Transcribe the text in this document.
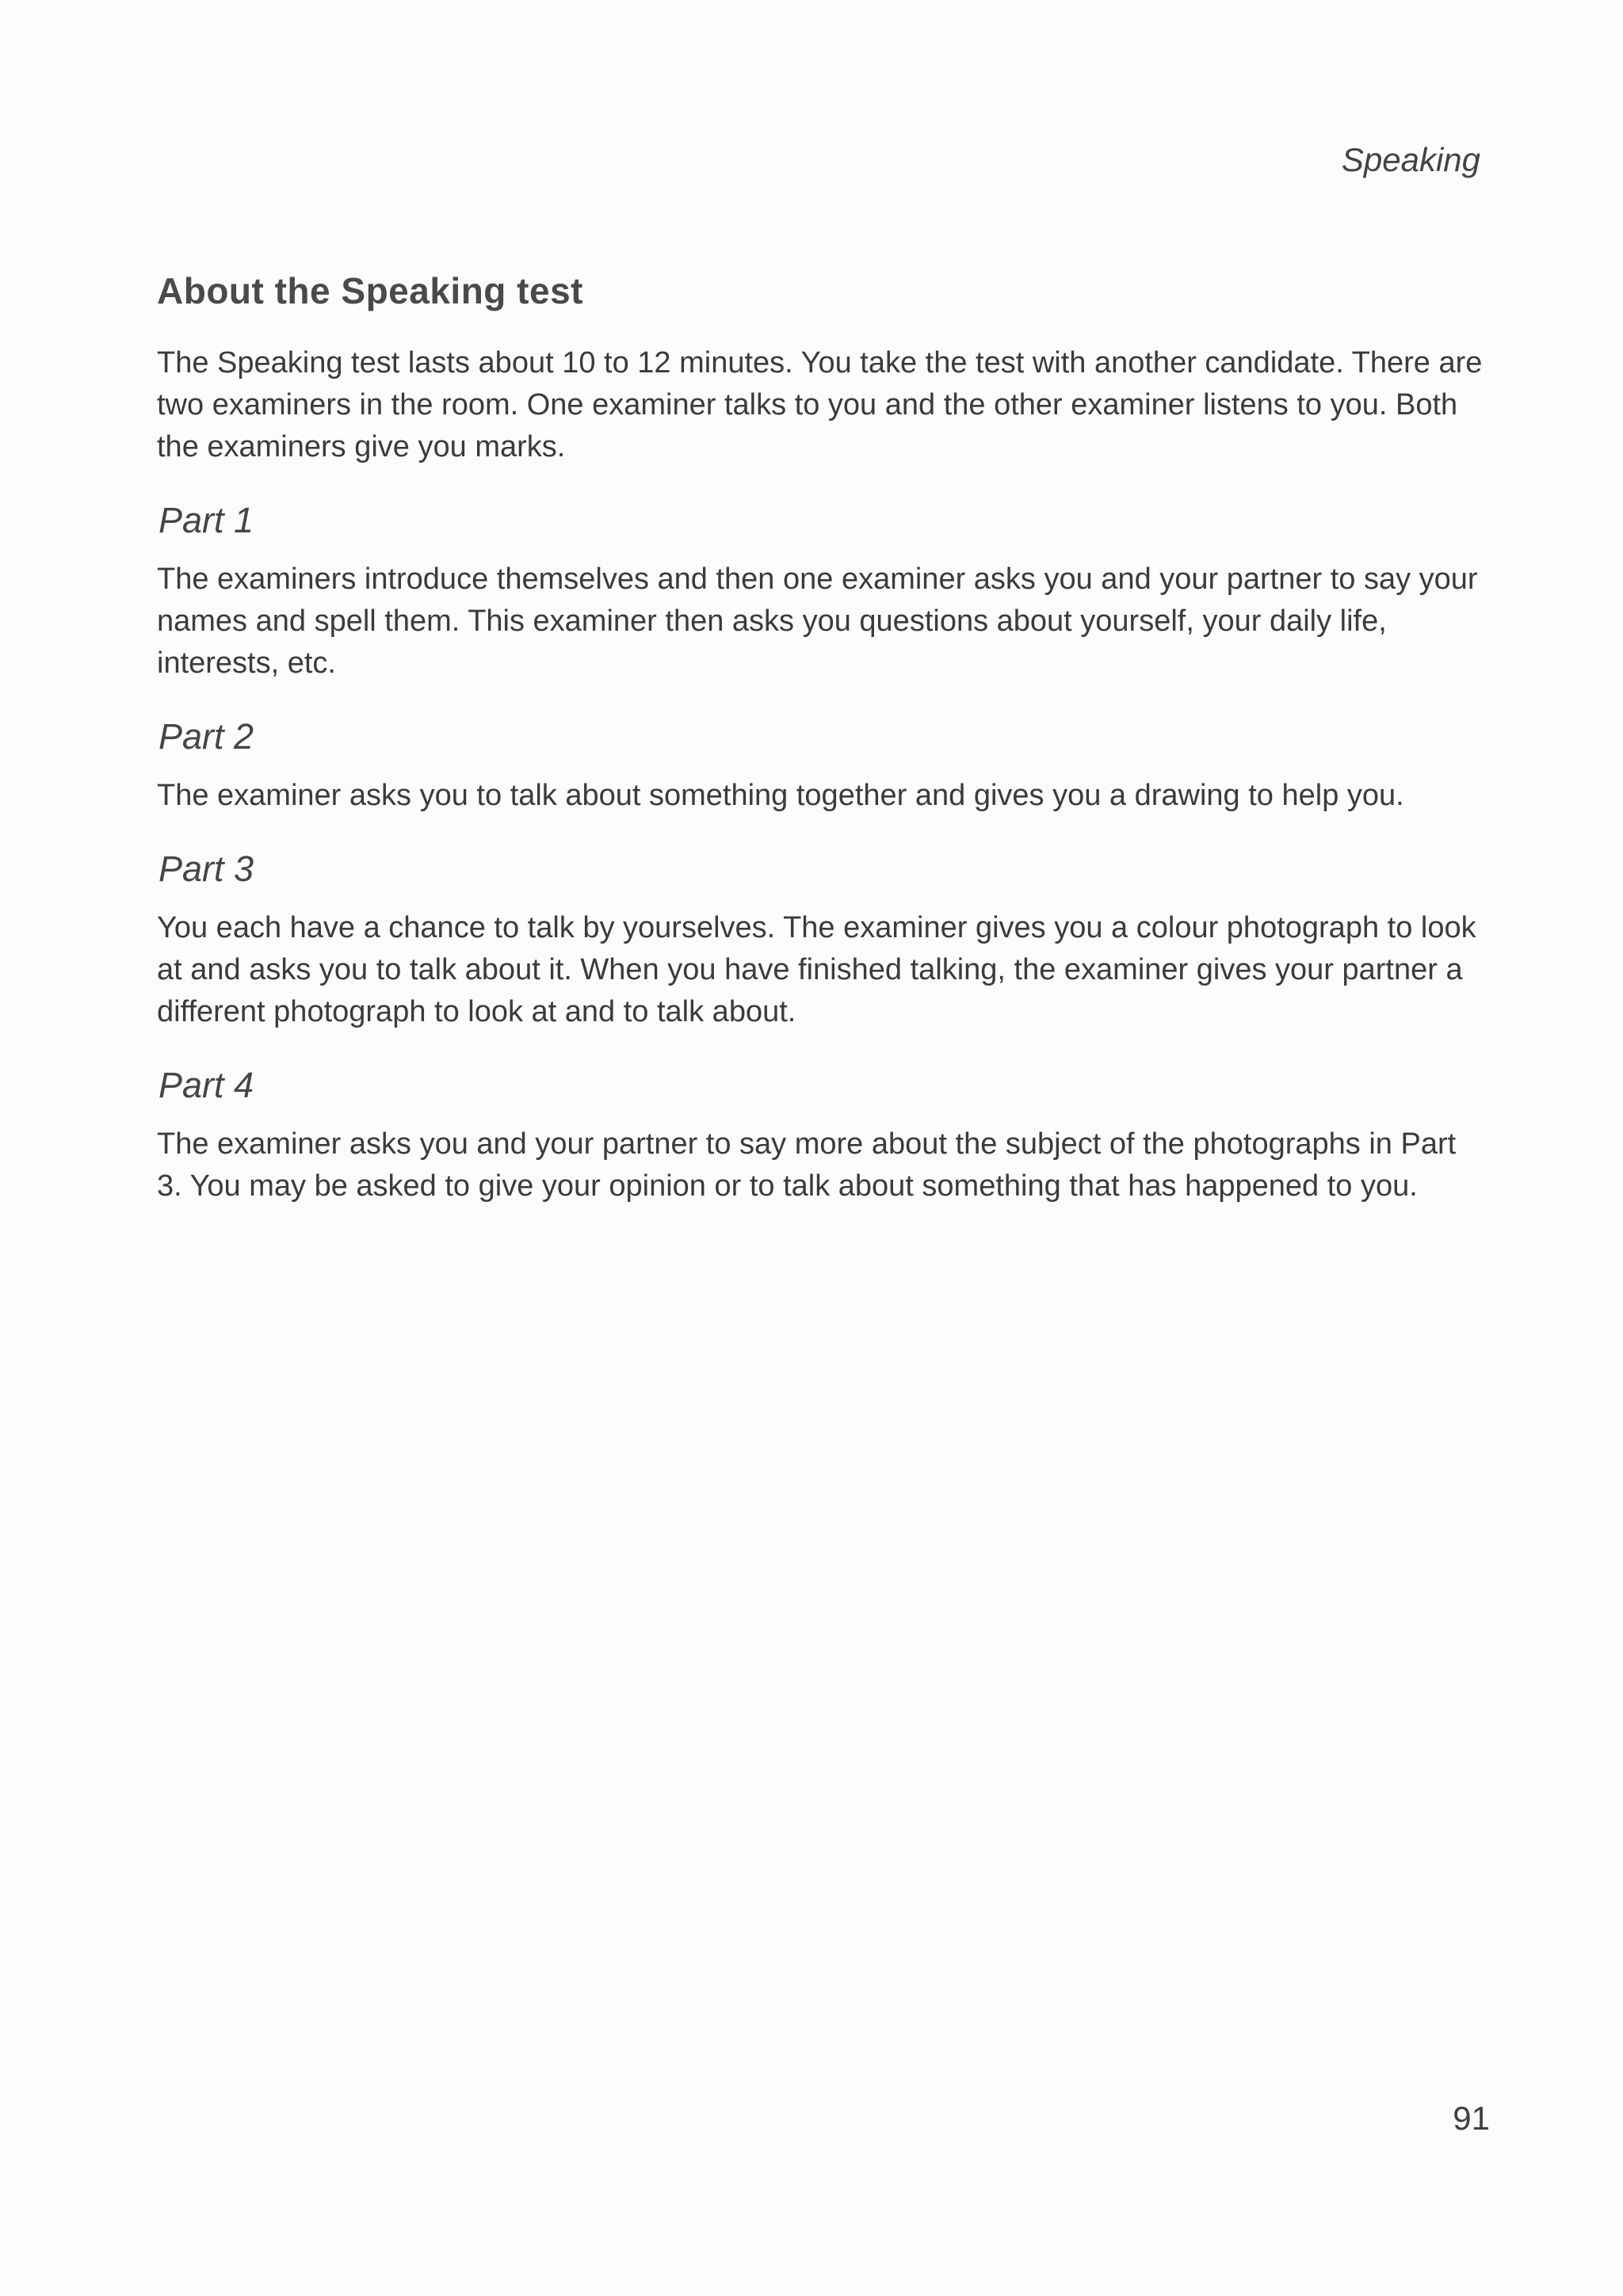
Speaking
About the Speaking test

The Speaking test lasts about 10 to 12 minutes. You take the test with another candidate. There are two examiners in the room. One examiner talks to you and the other examiner listens to you. Both the examiners give you marks.

Part 1

The examiners introduce themselves and then one examiner asks you and your partner to say your names and spell them. This examiner then asks you questions about yourself, your daily life, interests, etc.

Part 2

The examiner asks you to talk about something together and gives you a drawing to help you.

Part 3

You each have a chance to talk by yourselves. The examiner gives you a colour photograph to look at and asks you to talk about it. When you have finished talking, the examiner gives your partner a different photograph to look at and to talk about.

Part 4

The examiner asks you and your partner to say more about the subject of the photographs in Part 3. You may be asked to give your opinion or to talk about something that has happened to you.

91
